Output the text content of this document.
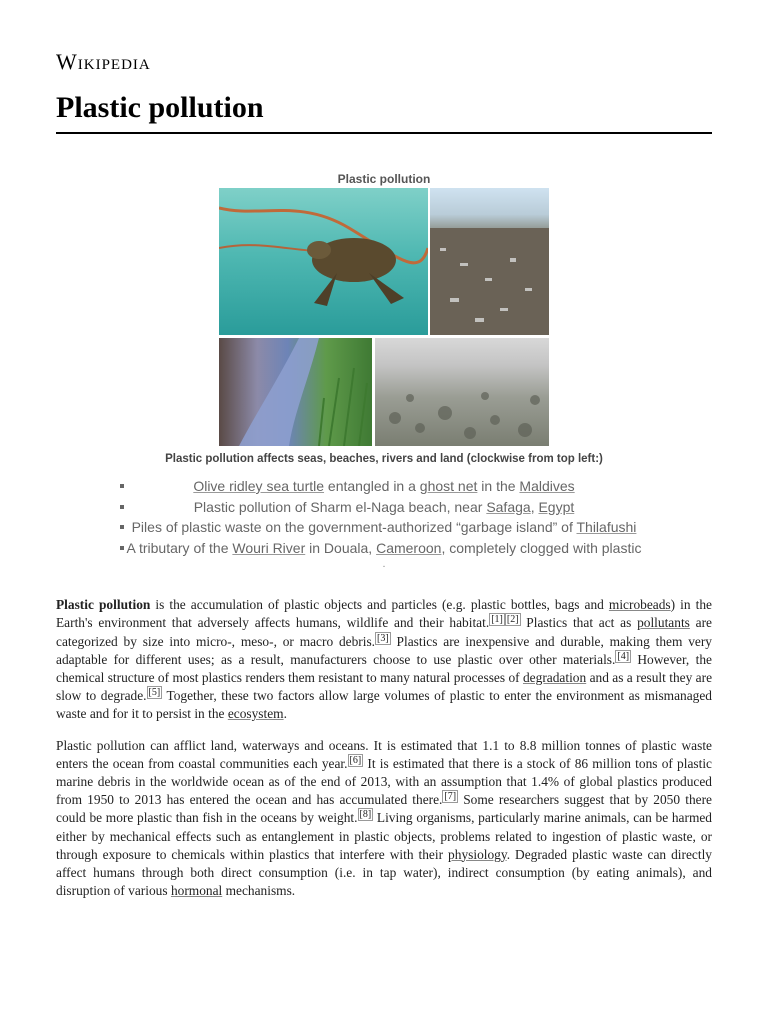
Wikipedia
Plastic pollution
Plastic pollution
Plastic pollution affects seas, beaches, rivers and land (clockwise from top left:)
Olive ridley sea turtle entangled in a ghost net in the Maldives
Plastic pollution of Sharm el-Naga beach, near Safaga, Egypt
Piles of plastic waste on the government-authorized “garbage island” of Thilafushi
A tributary of the Wouri River in Douala, Cameroon, completely clogged with plastic
.

Plastic pollution is the accumulation of plastic objects and particles (e.g. plastic bottles, bags and microbeads) in the Earth's environment that adversely affects humans, wildlife and their habitat. [1] [2] Plastics that act as pollutants are categorized by size into micro-, meso-, or macro debris. [3] Plastics are inexpensive and durable, making them very adaptable for different uses; as a result, manufacturers choose to use plastic over other materials. [4] However, the chemical structure of most plastics renders them resistant to many natural processes of degradation and as a result they are slow to degrade. [5] Together, these two factors allow large volumes of plastic to enter the environment as mismanaged waste and for it to persist in the ecosystem.

Plastic pollution can afflict land, waterways and oceans. It is estimated that 1.1 to 8.8 million tonnes of plastic waste enters the ocean from coastal communities each year. [6] It is estimated that there is a stock of 86 million tons of plastic marine debris in the worldwide ocean as of the end of 2013, with an assumption that 1.4% of global plastics produced from 1950 to 2013 has entered the ocean and has accumulated there. [7] Some researchers suggest that by 2050 there could be more plastic than fish in the oceans by weight. [8] Living organisms, particularly marine animals, can be harmed either by mechanical effects such as entanglement in plastic objects, problems related to ingestion of plastic waste, or through exposure to chemicals within plastics that interfere with their physiology. Degraded plastic waste can directly affect humans through both direct consumption (i.e. in tap water), indirect consumption (by eating animals), and disruption of various hormonal mechanisms.
